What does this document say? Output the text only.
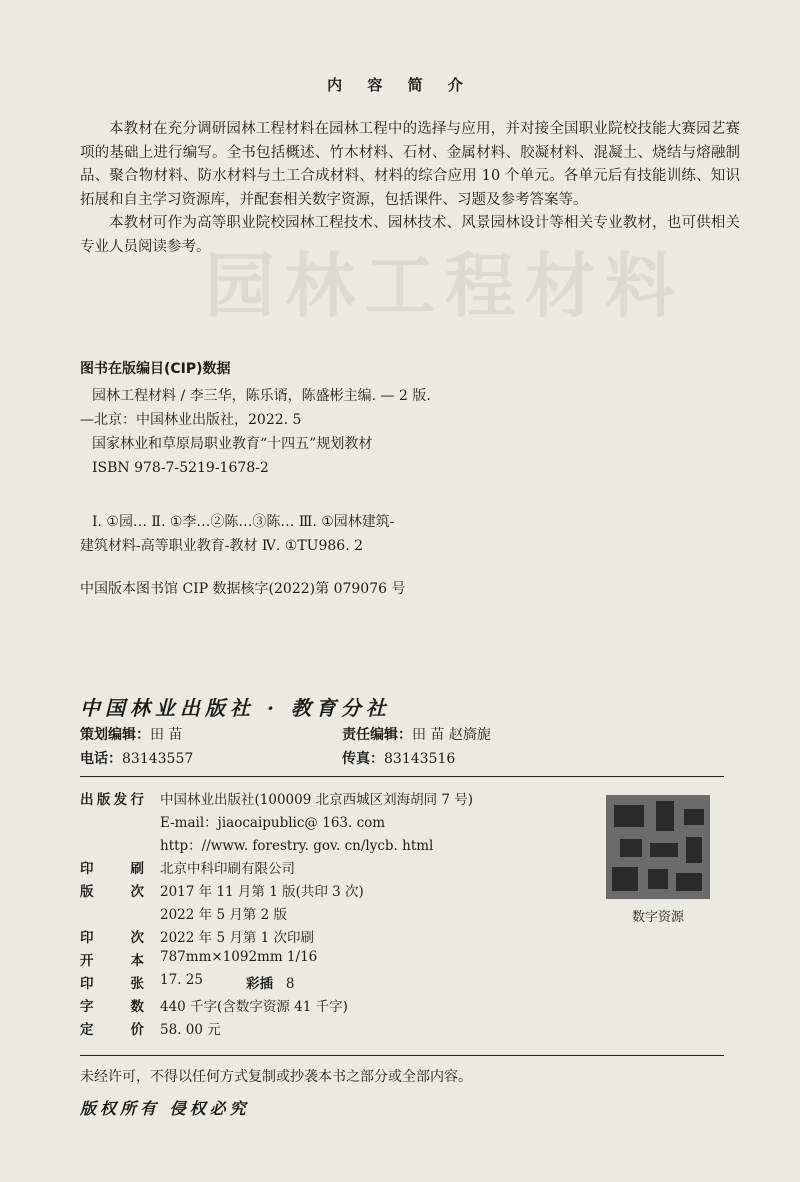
园林工程材料
内 容 简 介

本教材在充分调研园林工程材料在园林工程中的选择与应用，并对接全国职业院校技能大赛园艺赛项的基础上进行编写。全书包括概述、竹木材料、石材、金属材料、胶凝材料、混凝土、烧结与熔融制品、聚合物材料、防水材料与土工合成材料、材料的综合应用 10 个单元。各单元后有技能训练、知识拓展和自主学习资源库，并配套相关数字资源，包括课件、习题及参考答案等。

本教材可作为高等职业院校园林工程技术、园林技术、风景园林设计等相关专业教材，也可供相关专业人员阅读参考。

图书在版编目(CIP)数据
园林工程材料 / 李三华，陈乐谞，陈盛彬主编. — 2 版.
—北京：中国林业出版社，2022. 5
国家林业和草原局职业教育“十四五”规划教材
ISBN 978-7-5219-1678-2
Ⅰ. ①园… Ⅱ. ①李…②陈…③陈… Ⅲ. ①园林建筑-
建筑材料-高等职业教育-教材 Ⅳ. ①TU986. 2
中国版本图书馆 CIP 数据核字(2022)第 079076 号
中国林业出版社 · 教育分社
策划编辑：田 苗	责任编辑：田 苗 赵旖旎
电话：83143557	传真：83143516
出版发行 中国林业出版社(100009 北京西城区刘海胡同 7 号)
E-mail：jiaocaipublic@ 163. com
http：//www. forestry. gov. cn/lycb. html
印 刷 北京中科印刷有限公司
版 次 2017 年 11 月第 1 版(共印 3 次)
2022 年 5 月第 2 版
印 次 2022 年 5 月第 1 次印刷
开 本 787mm×1092mm 1/16
印 张 17. 25	彩插 8
字 数 440 千字(含数字资源 41 千字)
定 价 58. 00 元
数字资源
未经许可，不得以任何方式复制或抄袭本书之部分或全部内容。
版权所有 侵权必究
